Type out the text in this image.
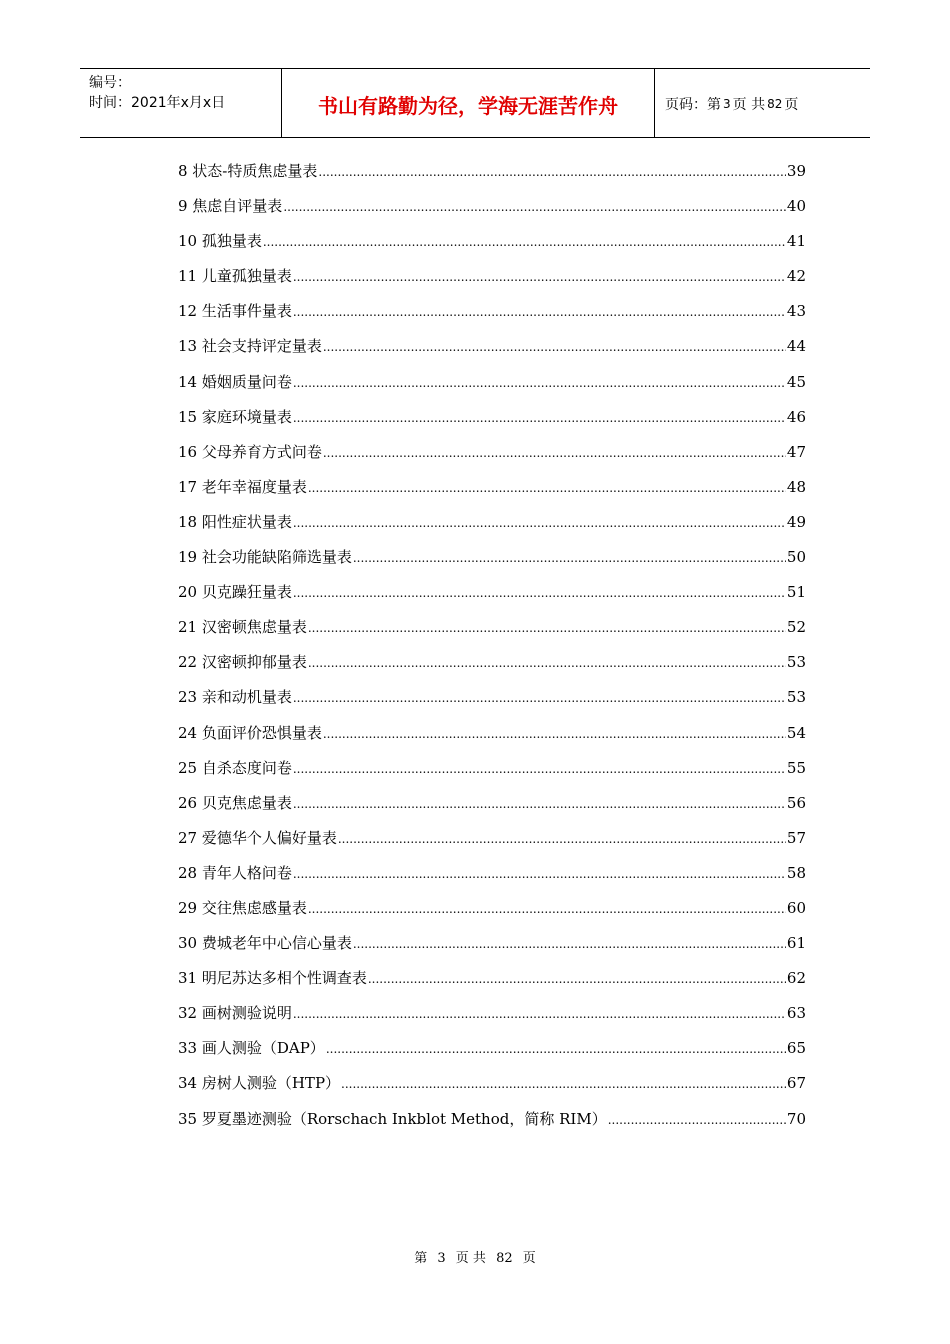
编号：
时间：2021年x月x日	书山有路勤为径，学海无涯苦作舟	页码：第 3 页 共 82 页
8 状态-特质焦虑量表 .....	39
9 焦虑自评量表 .....	40
10 孤独量表 .....	41
11 儿童孤独量表 .....	42
12 生活事件量表 .....	43
13 社会支持评定量表 .....	44
14 婚姻质量问卷 .....	45
15 家庭环境量表 .....	46
16 父母养育方式问卷 .....	47
17 老年幸福度量表 .....	48
18 阳性症状量表 .....	49
19 社会功能缺陷筛选量表 .....	50
20 贝克躁狂量表 .....	51
21 汉密顿焦虑量表 .....	52
22 汉密顿抑郁量表 .....	53
23 亲和动机量表 .....	53
24 负面评价恐惧量表 .....	54
25 自杀态度问卷 .....	55
26 贝克焦虑量表 .....	56
27 爱德华个人偏好量表 .....	57
28 青年人格问卷 .....	58
29 交往焦虑感量表 .....	60
30 费城老年中心信心量表 .....	61
31 明尼苏达多相个性调查表 .....	62
32 画树测验说明 .....	63
33 画人测验（DAP） .....	65
34 房树人测验（HTP） .....	67
35 罗夏墨迹测验（Rorschach Inkblot Method，简称 RIM） .....	70
第 3 页 共 82 页
